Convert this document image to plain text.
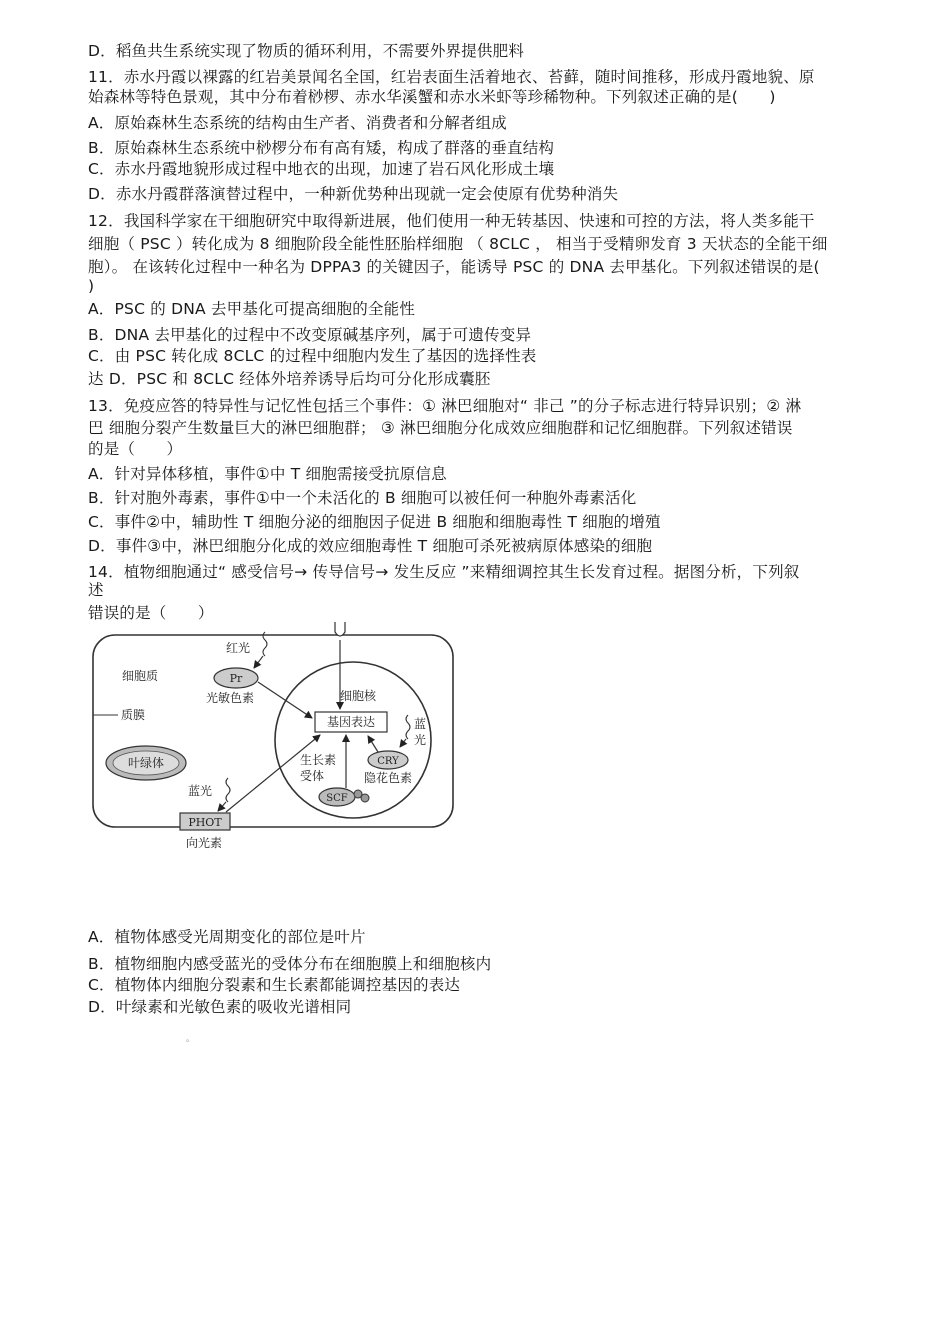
D．稻鱼共生系统实现了物质的循环利用，不需要外界提供肥料
11．赤水丹霞以裸露的红岩美景闻名全国，红岩表面生活着地衣、苔藓，随时间推移，形成丹霞地貌、原
始森林等特色景观，其中分布着桫椤、赤水华溪蟹和赤水米虾等珍稀物种。下列叙述正确的是(　　)
A．原始森林生态系统的结构由生产者、消费者和分解者组成
B．原始森林生态系统中桫椤分布有高有矮，构成了群落的垂直结构
C．赤水丹霞地貌形成过程中地衣的出现，加速了岩石风化形成土壤
D．赤水丹霞群落演替过程中，一种新优势种出现就一定会使原有优势种消失
12．我国科学家在干细胞研究中取得新进展，他们使用一种无转基因、快速和可控的方法，将人类多能干
细胞（ PSC ）转化成为 8 细胞阶段全能性胚胎样细胞 （ 8CLC ， 相当于受精卵发育 3 天状态的全能干细
胞）。 在该转化过程中一种名为 DPPA3 的关键因子，能诱导 PSC 的 DNA 去甲基化。下列叙述错误的是(
)
A．PSC 的 DNA 去甲基化可提高细胞的全能性
B．DNA 去甲基化的过程中不改变原碱基序列，属于可遗传变异
C．由 PSC 转化成 8CLC 的过程中细胞内发生了基因的选择性表
达 D．PSC 和 8CLC 经体外培养诱导后均可分化形成囊胚
13．免疫应答的特异性与记忆性包括三个事件：① 淋巴细胞对“ 非己 ”的分子标志进行特异识别；② 淋
巴 细胞分裂产生数量巨大的淋巴细胞群； ③ 淋巴细胞分化成效应细胞群和记忆细胞群。下列叙述错误
的是（　　）
A．针对异体移植，事件①中 T 细胞需接受抗原信息
B．针对胞外毒素，事件①中一个未活化的 B 细胞可以被任何一种胞外毒素活化
C．事件②中，辅助性 T 细胞分泌的细胞因子促进 B 细胞和细胞毒性 T 细胞的增殖
D．事件③中，淋巴细胞分化成的效应细胞毒性 T 细胞可杀死被病原体感染的细胞
14．植物细胞通过“ 感受信号→ 传导信号→ 发生反应 ”来精细调控其生长发育过程。据图分析，下列叙
述
错误的是（　　）
细胞质
质膜
叶绿体
红光
Pr
光敏色素	细胞核
基因表达	蓝
光
CRY
隐花色素
生长素
受体
SCF
蓝光
PHOT
向光素
A．植物体感受光周期变化的部位是叶片
B．植物细胞内感受蓝光的受体分布在细胞膜上和细胞核内
C．植物体内细胞分裂素和生长素都能调控基因的表达
D．叶绿素和光敏色素的吸收光谱相同
。
